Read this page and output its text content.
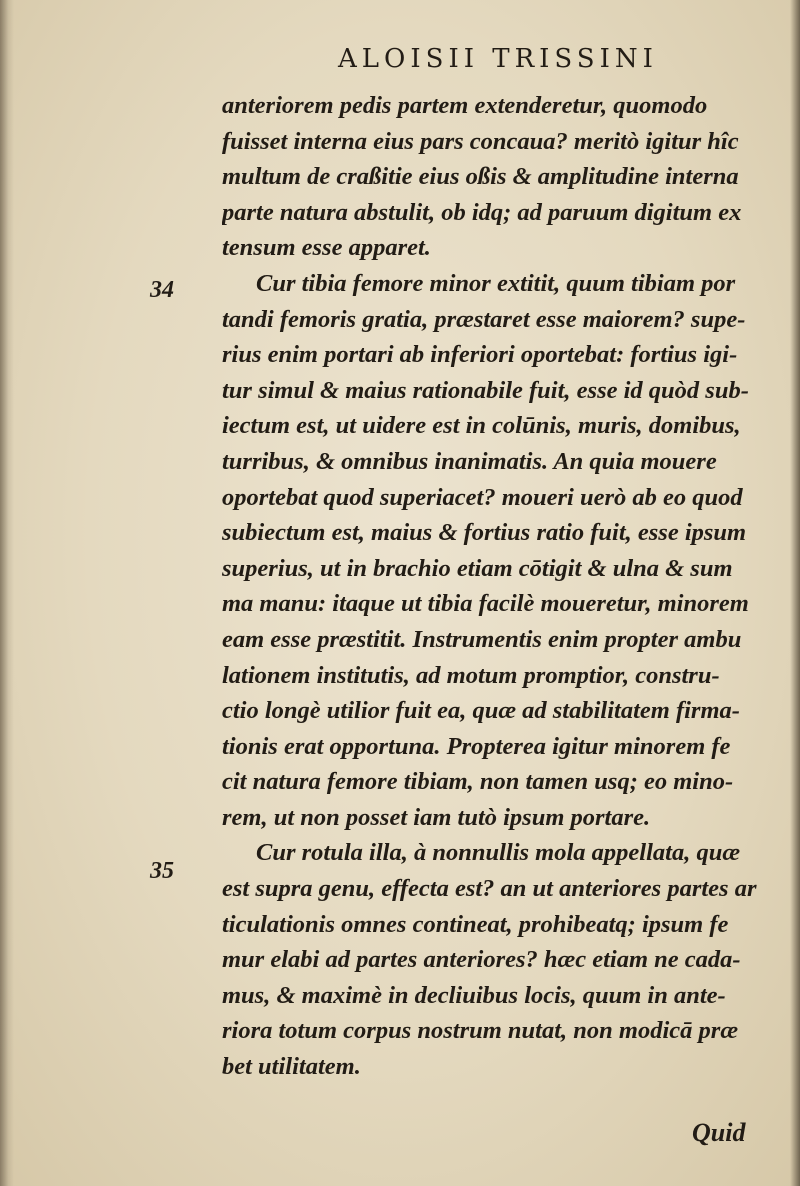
ALOISII TRISSINI
34
35
anteriorem pedis partem extenderetur, quomodo
fuisset interna eius pars concaua? meritò igitur hîc
multum de craßitie eius oßis & amplitudine interna
parte natura abstulit, ob idq; ad paruum digitum ex
tensum esse apparet.
Cur tibia femore minor extitit, quum tibiam por
tandi femoris gratia, præstaret esse maiorem? supe-
rius enim portari ab inferiori oportebat: fortius igi-
tur simul & maius rationabile fuit, esse id quòd sub-
iectum est, ut uidere est in colūnis, muris, domibus,
turribus, & omnibus inanimatis. An quia mouere
oportebat quod superiacet? moueri uerò ab eo quod
subiectum est, maius & fortius ratio fuit, esse ipsum
superius, ut in brachio etiam cōtigit & ulna & sum
ma manu: itaque ut tibia facilè moueretur, minorem
eam esse præstitit. Instrumentis enim propter ambu
lationem institutis, ad motum promptior, constru-
ctio longè utilior fuit ea, quæ ad stabilitatem firma-
tionis erat opportuna. Propterea igitur minorem fe
cit natura femore tibiam, non tamen usq; eo mino-
rem, ut non posset iam tutò ipsum portare.
Cur rotula illa, à nonnullis mola appellata, quæ
est supra genu, effecta est? an ut anteriores partes ar
ticulationis omnes contineat, prohibeatq; ipsum fe
mur elabi ad partes anteriores? hæc etiam ne cada-
mus, & maximè in decliuibus locis, quum in ante-
riora totum corpus nostrum nutat, non modicā præ
bet utilitatem.
Quid
